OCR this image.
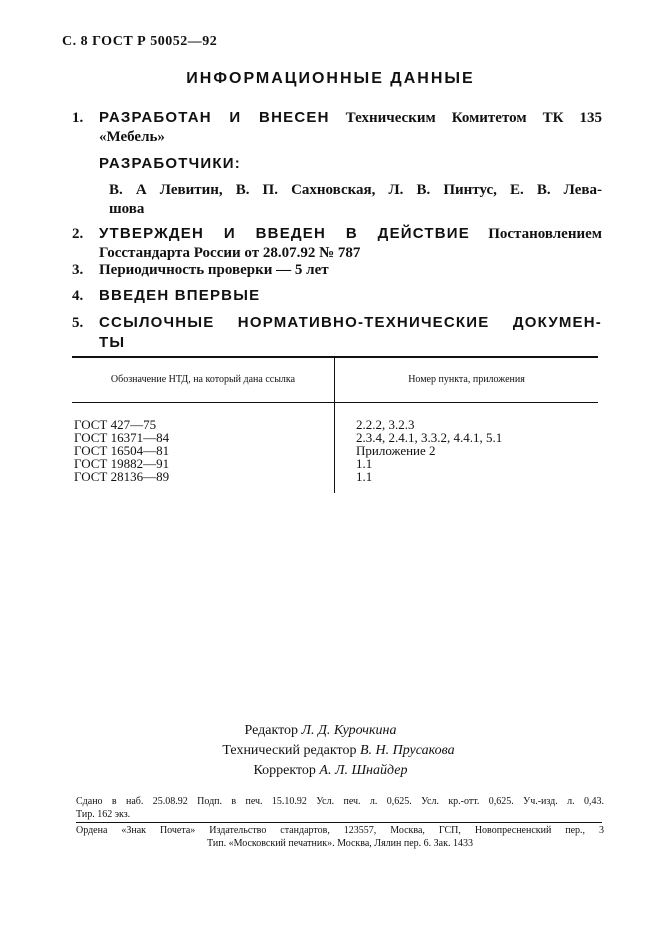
С. 8 ГОСТ Р 50052—92
ИНФОРМАЦИОННЫЕ ДАННЫЕ
1. РАЗРАБОТАН И ВНЕСЕН Техническим Комитетом ТК 135
«Мебель»
РАЗРАБОТЧИКИ:
В. А Левитин, В. П. Сахновская, Л. В. Пинтус, Е. В. Лева-
шова
2. УТВЕРЖДЕН И ВВЕДЕН В ДЕЙСТВИЕ Постановлением
Госстандарта России от 28.07.92 № 787
3. Периодичность проверки — 5 лет
4. ВВЕДЕН ВПЕРВЫЕ
5. ССЫЛОЧНЫЕ НОРМАТИВНО-ТЕХНИЧЕСКИЕ ДОКУМЕН-
ТЫ
Обозначение НТД, на который дана ссылка	Номер пункта, приложения
ГОСТ 427—75	2.2.2, 3.2.3
ГОСТ 16371—84	2.3.4, 2.4.1, 3.3.2, 4.4.1, 5.1
ГОСТ 16504—81	Приложение 2
ГОСТ 19882—91	1.1
ГОСТ 28136—89	1.1
Редактор Л. Д. Курочкина
Технический редактор В. Н. Прусакова
Корректор А. Л. Шнайдер
Сдано в наб. 25.08.92 Подп. в печ. 15.10.92 Усл. печ. л. 0,625. Усл. кр.-отт. 0,625. Уч.-изд. л. 0,43.
Тир. 162 экз.
Ордена «Знак Почета» Издательство стандартов, 123557, Москва, ГСП, Новопресненский пер., 3
Тип. «Московский печатник». Москва, Лялин пер. 6. Зак. 1433
